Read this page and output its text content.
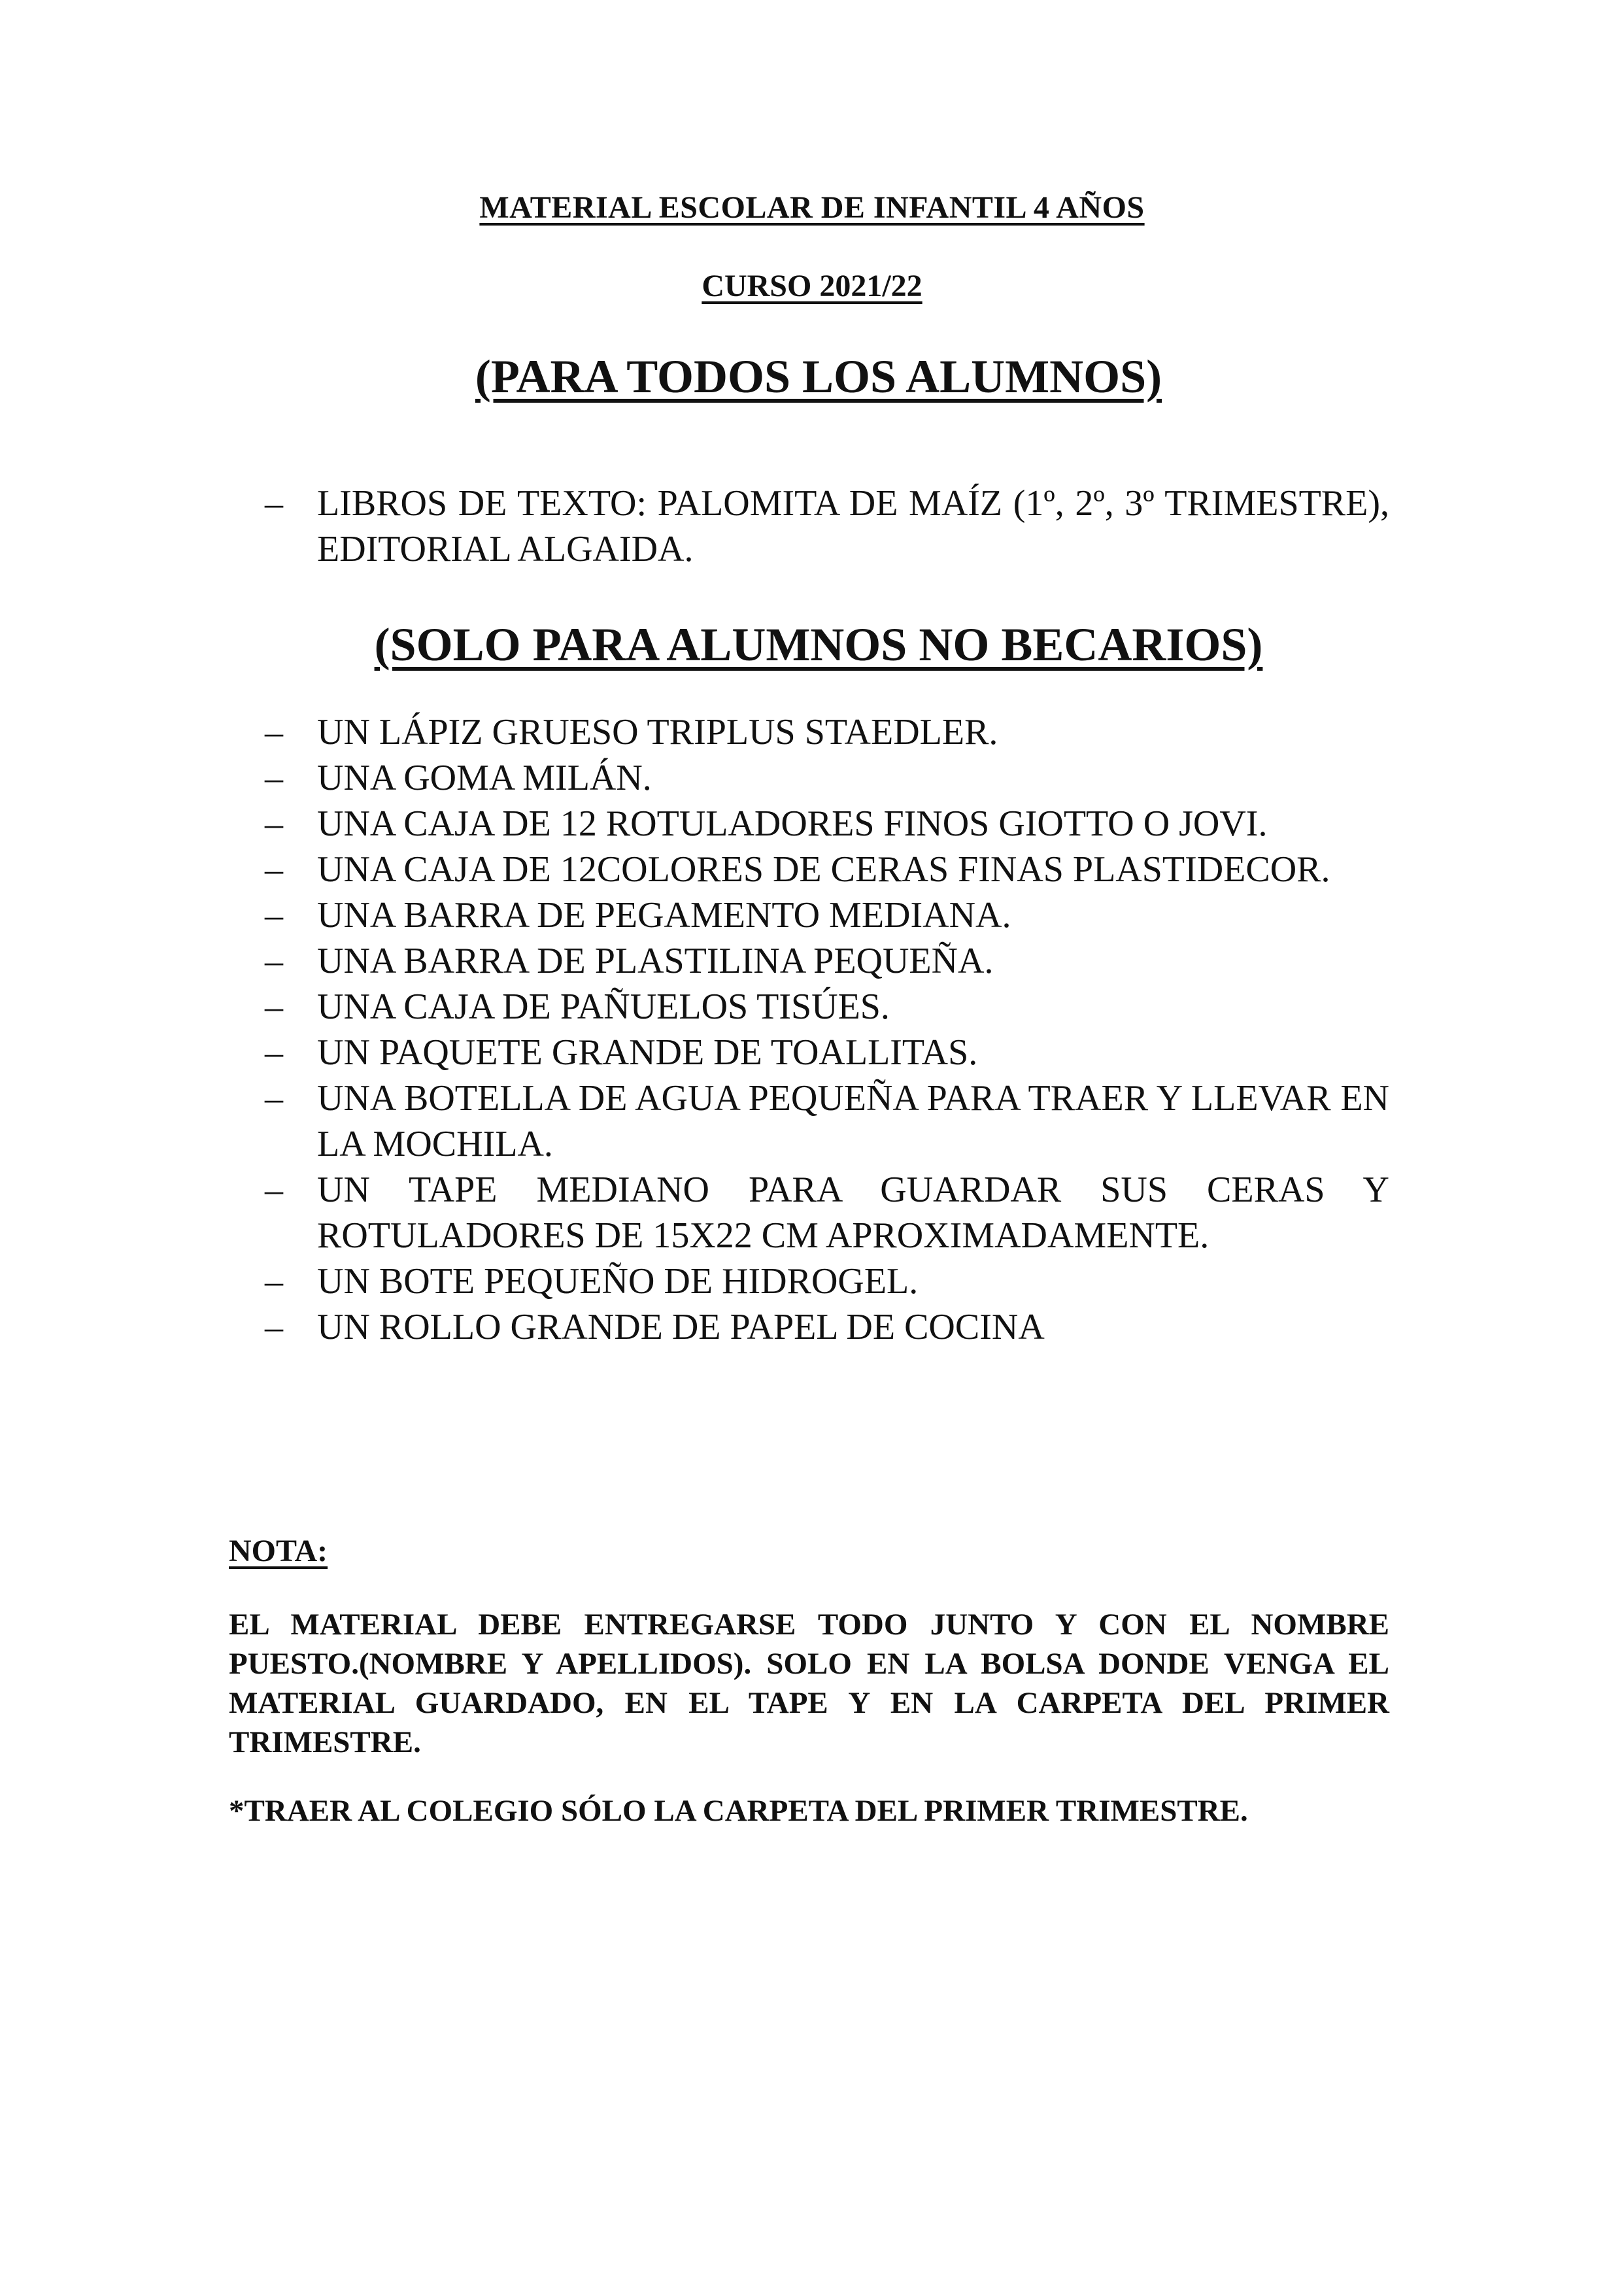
MATERIAL ESCOLAR DE INFANTIL 4 AÑOS
CURSO 2021/22
(PARA TODOS LOS ALUMNOS)
– LIBROS DE TEXTO: PALOMITA DE MAÍZ (1º, 2º, 3º TRIMESTRE), EDITORIAL ALGAIDA.
(SOLO PARA ALUMNOS NO BECARIOS)
– UN LÁPIZ GRUESO TRIPLUS STAEDLER.
– UNA GOMA MILÁN.
– UNA CAJA DE 12 ROTULADORES FINOS GIOTTO O JOVI.
– UNA CAJA DE 12COLORES DE CERAS FINAS PLASTIDECOR.
– UNA BARRA DE PEGAMENTO MEDIANA.
– UNA BARRA DE PLASTILINA PEQUEÑA.
– UNA CAJA DE PAÑUELOS TISÚES.
– UN PAQUETE GRANDE DE TOALLITAS.
– UNA BOTELLA DE AGUA PEQUEÑA PARA TRAER Y LLEVAR EN LA MOCHILA.
– UN TAPE MEDIANO PARA GUARDAR SUS CERAS Y ROTULADORES DE 15X22 CM APROXIMADAMENTE.
– UN BOTE PEQUEÑO DE HIDROGEL.
– UN ROLLO GRANDE DE PAPEL DE COCINA
NOTA:
EL MATERIAL DEBE ENTREGARSE TODO JUNTO Y CON EL NOMBRE PUESTO.(NOMBRE Y APELLIDOS). SOLO EN LA BOLSA DONDE VENGA EL MATERIAL GUARDADO, EN EL TAPE Y EN LA CARPETA DEL PRIMER TRIMESTRE.
*TRAER AL COLEGIO SÓLO LA CARPETA DEL PRIMER TRIMESTRE.
